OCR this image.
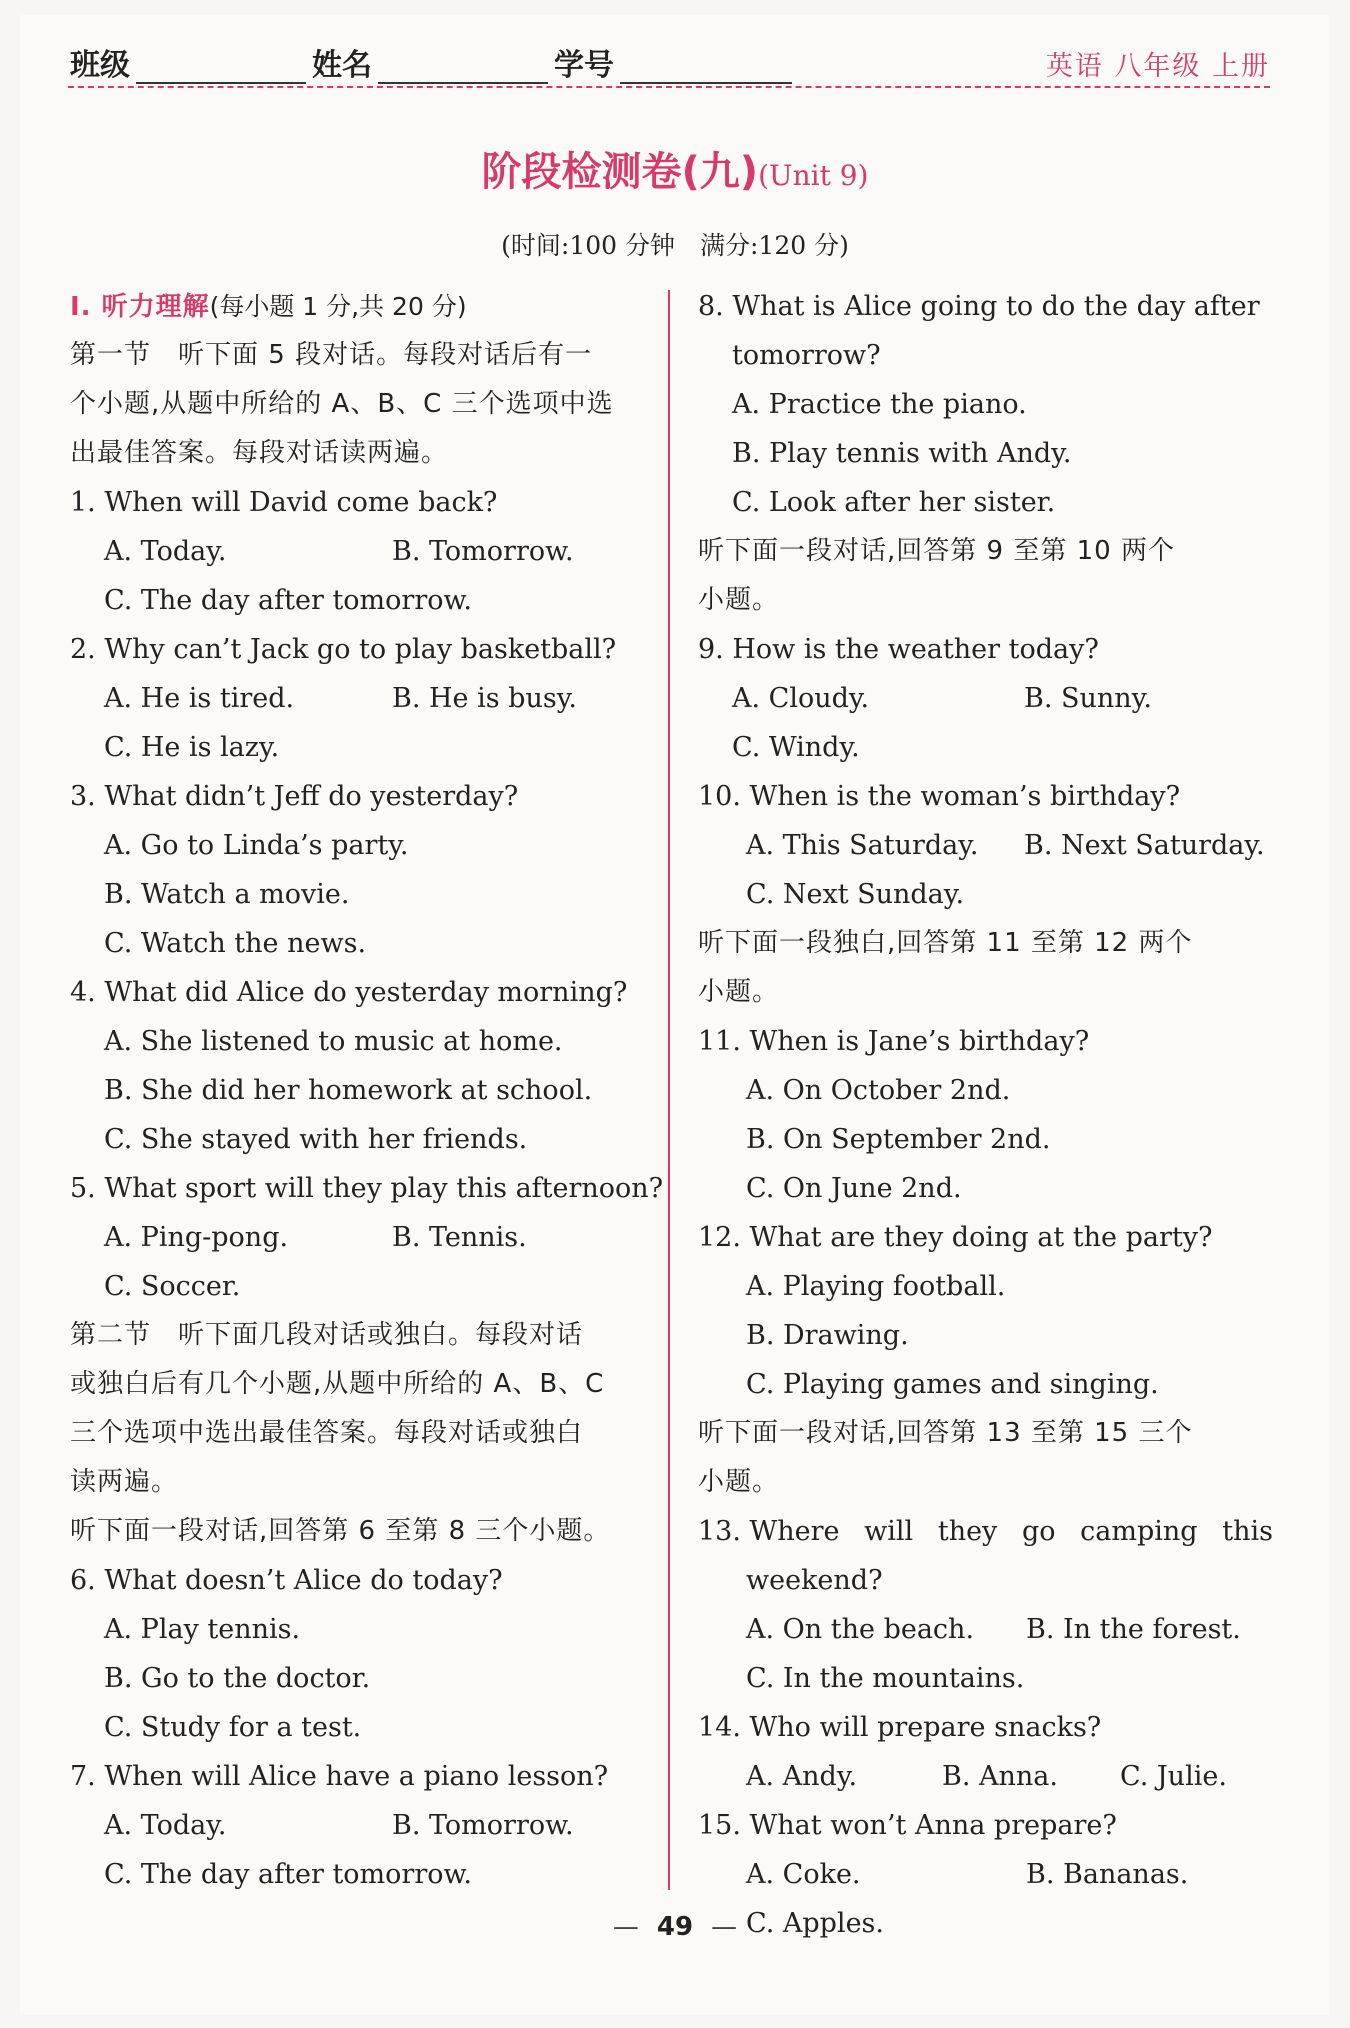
班级	姓名	学号	英语 八年级 上册
阶段检测卷(九)(Unit 9)
(时间:100 分钟　满分:120 分)
Ⅰ. 听力理解(每小题 1 分,共 20 分)
第一节　听下面 5 段对话。每段对话后有一
个小题,从题中所给的 A、B、C 三个选项中选
出最佳答案。每段对话读两遍。
1. When will David come back?
A. Today.	B. Tomorrow.
C. The day after tomorrow.
2. Why can’t Jack go to play basketball?
A. He is tired.	B. He is busy.
C. He is lazy.
3. What didn’t Jeff do yesterday?
A. Go to Linda’s party.
B. Watch a movie.
C. Watch the news.
4. What did Alice do yesterday morning?
A. She listened to music at home.
B. She did her homework at school.
C. She stayed with her friends.
5. What sport will they play this afternoon?
A. Ping-pong.	B. Tennis.
C. Soccer.
第二节　听下面几段对话或独白。每段对话
或独白后有几个小题,从题中所给的 A、B、C
三个选项中选出最佳答案。每段对话或独白
读两遍。
听下面一段对话,回答第 6 至第 8 三个小题。
6. What doesn’t Alice do today?
A. Play tennis.
B. Go to the doctor.
C. Study for a test.
7. When will Alice have a piano lesson?
A. Today.	B. Tomorrow.
C. The day after tomorrow.
8. What is Alice going to do the day after
tomorrow?
A. Practice the piano.
B. Play tennis with Andy.
C. Look after her sister.
听下面一段对话,回答第 9 至第 10 两个
小题。
9. How is the weather today?
A. Cloudy.	B. Sunny.
C. Windy.
10. When is the woman’s birthday?
A. This Saturday. B. Next Saturday.
C. Next Sunday.
听下面一段独白,回答第 11 至第 12 两个
小题。
11. When is Jane’s birthday?
A. On October 2nd.
B. On September 2nd.
C. On June 2nd.
12. What are they doing at the party?
A. Playing football.
B. Drawing.
C. Playing games and singing.
听下面一段对话,回答第 13 至第 15 三个
小题。
13. Where will they go camping this
weekend?
A. On the beach. B. In the forest.
C. In the mountains.
14. Who will prepare snacks?
A. Andy.	B. Anna. C. Julie.
15. What won’t Anna prepare?
A. Coke.	B. Bananas.
C. Apples.
— 49 —
